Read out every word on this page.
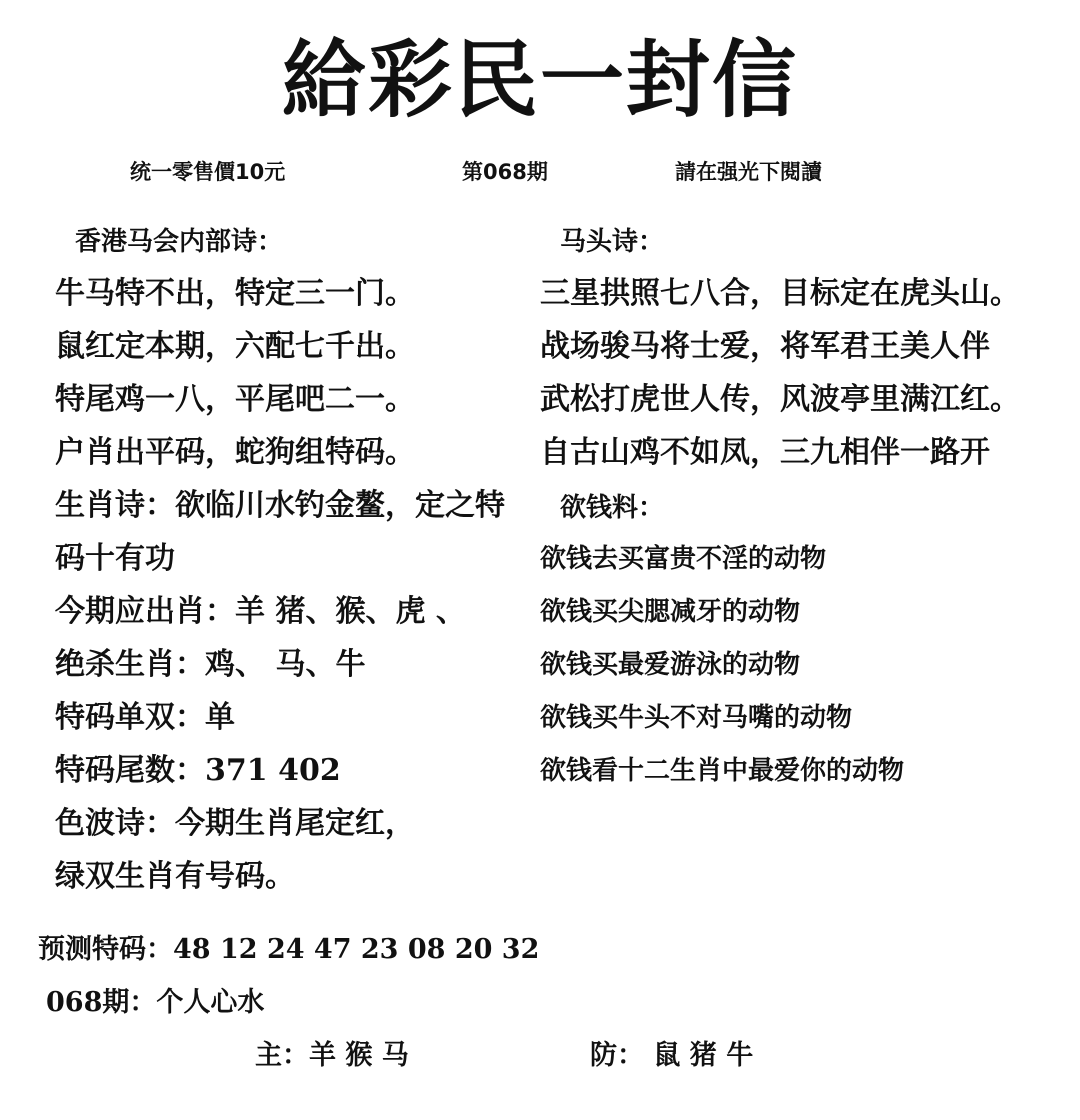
給彩民一封信
统一零售價10元	第068期	請在强光下閱讀
香港马会内部诗：
牛马特不出，特定三一门。
鼠红定本期，六配七千出。
特尾鸡一八，平尾吧二一。
户肖出平码，蛇狗组特码。
生肖诗：欲临川水钓金鳌，定之特
码十有功
今期应出肖：羊 猪、猴、虎 、
绝杀生肖：鸡、 马、牛
特码单双：单
特码尾数：371 402
色波诗：今期生肖尾定红，
绿双生肖有号码。
马头诗：
三星拱照七八合，目标定在虎头山。
战场骏马将士爱，将军君王美人伴
武松打虎世人传，风波亭里满江红。
自古山鸡不如凤，三九相伴一路开
欲钱料：
欲钱去买富贵不淫的动物
欲钱买尖腮减牙的动物
欲钱买最爱游泳的动物
欲钱买牛头不对马嘴的动物
欲钱看十二生肖中最爱你的动物
预测特码：48 12 24 47 23 08 20 32
068期：个人心水
主：羊 猴 马	防： 鼠 猪 牛
